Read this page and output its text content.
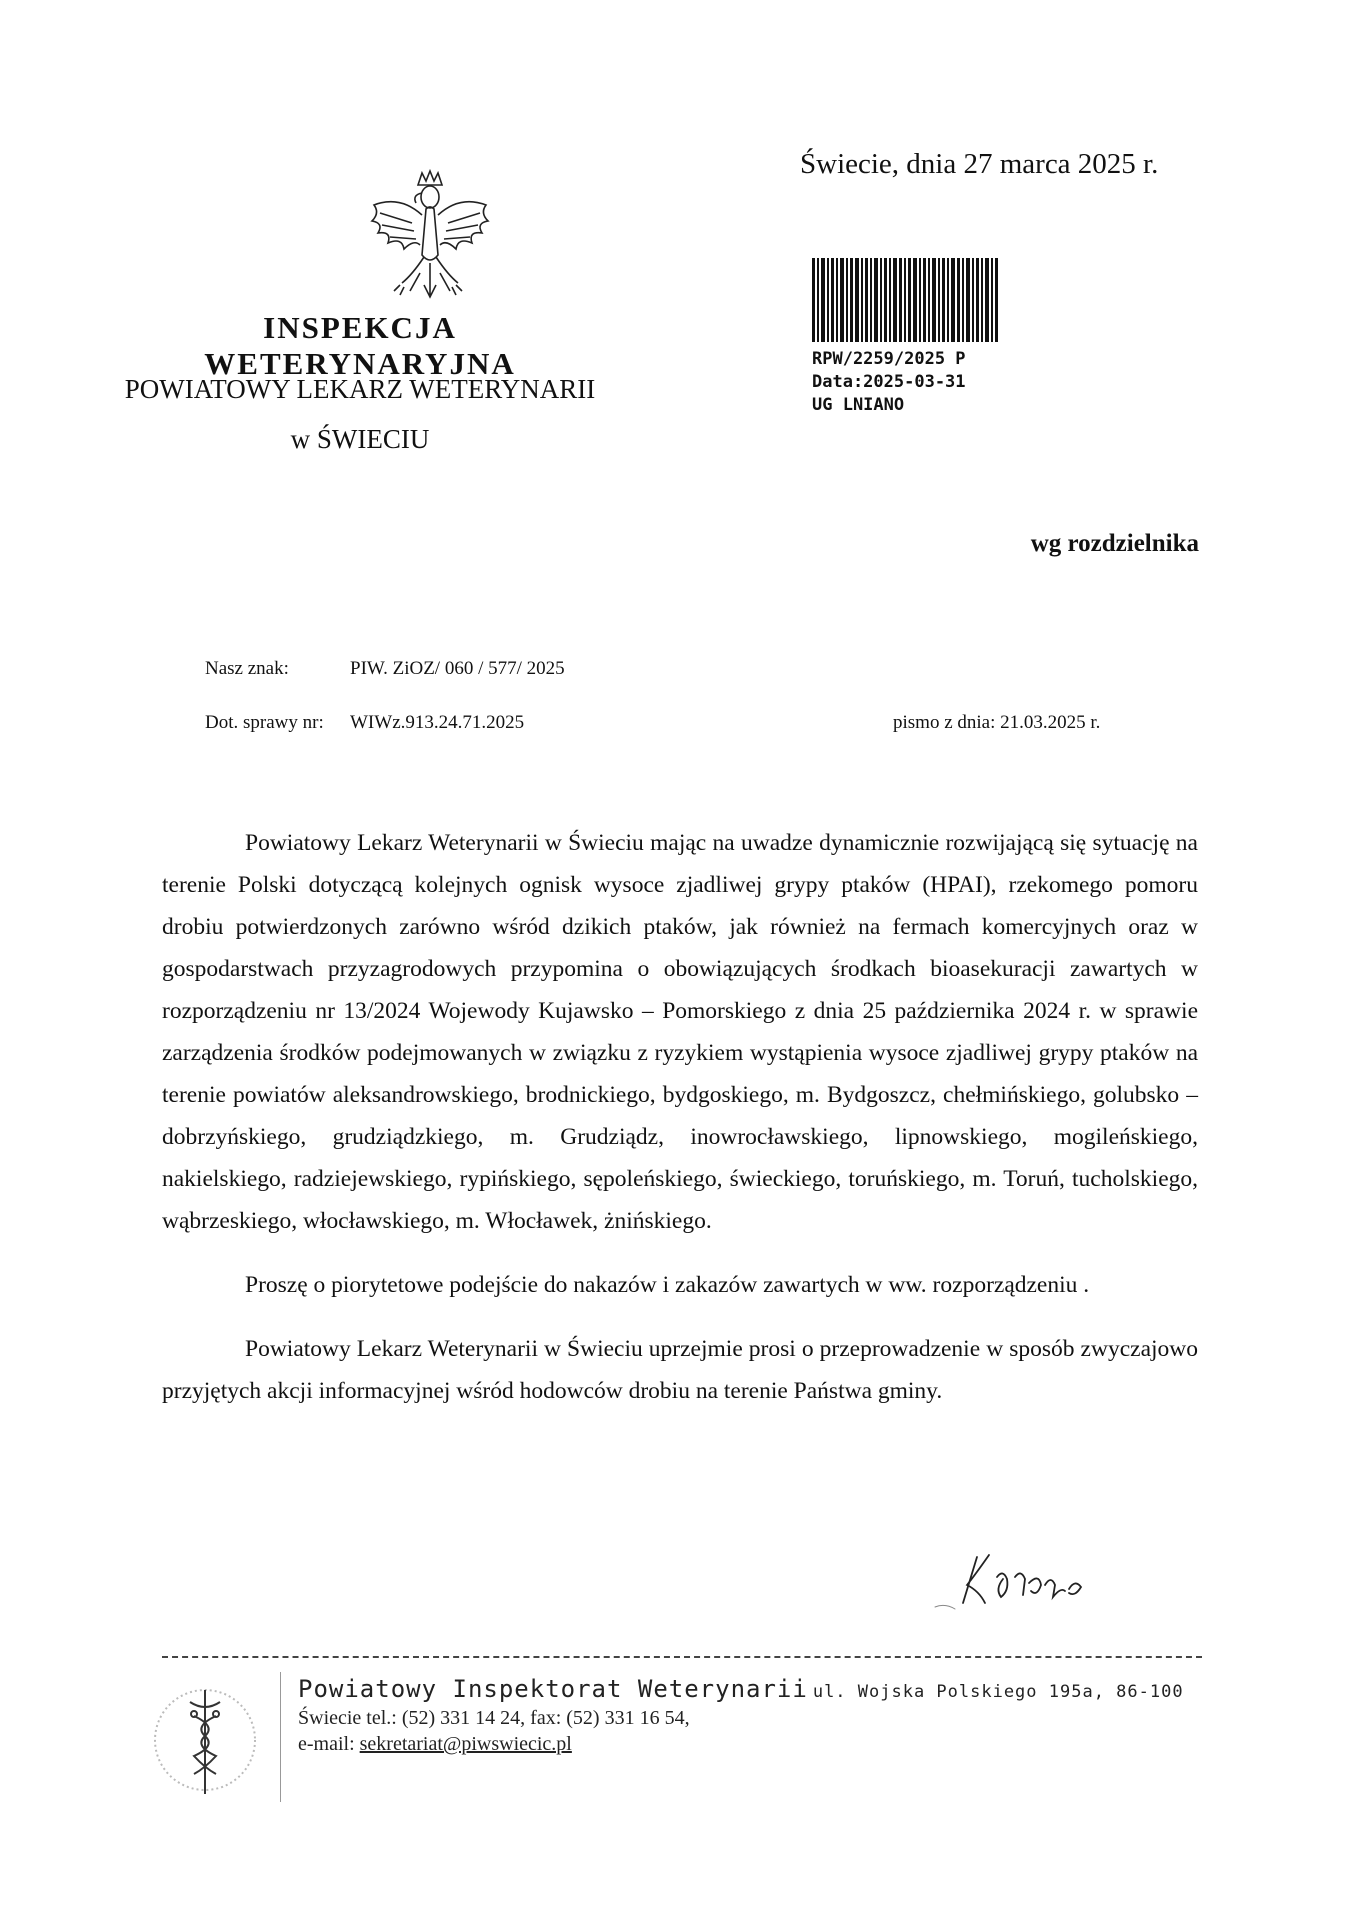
INSPEKCJA WETERYNARYJNA
POWIATOWY LEKARZ WETERYNARII
w ŚWIECIU
Świecie, dnia 27 marca 2025 r.
RPW/2259/2025 P
Data:2025-03-31
UG LNIANO
wg rozdzielnika
Nasz znak:	PIW. ZiOZ/ 060 / 577/ 2025
Dot. sprawy nr: WIWz.913.24.71.2025	pismo z dnia: 21.03.2025 r.

Powiatowy Lekarz Weterynarii w Świeciu mając na uwadze dynamicznie rozwijającą się sytuację na terenie Polski dotyczącą kolejnych ognisk wysoce zjadliwej grypy ptaków (HPAI), rzekomego pomoru drobiu potwierdzonych zarówno wśród dzikich ptaków, jak również na fermach komercyjnych oraz w gospodarstwach przyzagrodowych przypomina o obowiązujących środkach bioasekuracji zawartych w rozporządzeniu nr 13/2024 Wojewody Kujawsko – Pomorskiego z dnia 25 października 2024 r. w sprawie zarządzenia środków podejmowanych w związku z ryzykiem wystąpienia wysoce zjadliwej grypy ptaków na terenie powiatów aleksandrowskiego, brodnickiego, bydgoskiego, m. Bydgoszcz, chełmińskiego, golubsko – dobrzyńskiego, grudziądzkiego, m. Grudziądz, inowrocławskiego, lipnowskiego, mogileńskiego, nakielskiego, radziejewskiego, rypińskiego, sępoleńskiego, świeckiego, toruńskiego, m. Toruń, tucholskiego, wąbrzeskiego, włocławskiego, m. Włocławek, żnińskiego.

Proszę o piorytetowe podejście do nakazów i zakazów zawartych w ww. rozporządzeniu .

Powiatowy Lekarz Weterynarii w Świeciu uprzejmie prosi o przeprowadzenie w sposób zwyczajowo przyjętych akcji informacyjnej wśród hodowców drobiu na terenie Państwa gminy.

Powiatowy Inspektorat Weterynarii ul. Wojska Polskiego 195a, 86-100
Świecie tel.: (52) 331 14 24, fax: (52) 331 16 54,
e-mail: sekretariat@piwswiecic.pl
